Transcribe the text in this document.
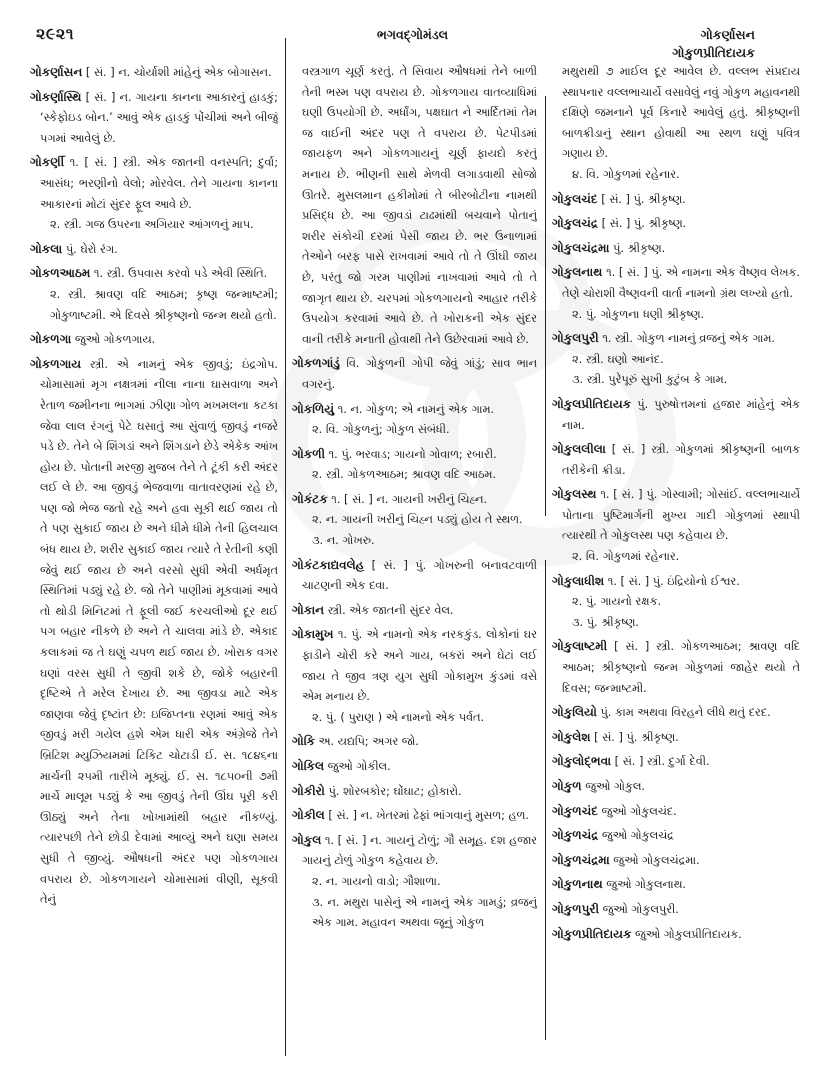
૨૯૨૧	ભગવદ્ગોમંડલ	ગોકર્ણાસન
ગોકુળપ્રીતિદાયક

ગોકર્ણાસન [ સં. ] ન. ચોર્યાશી માંહેનું એક બોગાસન.

ગોકર્ણાસ્થિ [ સં. ] ન. ગાયના કાનના આકારનું હાડકું; ‘સ્કેફોઇડ બોન.’ આવું એક હાડકું પોંચીમાં અને બીજું પગમાં આવેલું છે.

ગોકર્ણી ૧. [ સં. ] સ્ત્રી. એક જાતની વનસ્પતિ; દુર્વા; આસંધ; ભરણીનો વેલો; મોરવેલ. તેને ગાયના કાનના આકારનાં મોટાં સુંદર ફૂલ આવે છે.
૨. સ્ત્રી. ગજ ઉપરના અગિયાર આંગળનું માપ.

ગોકલા પું. ઘેરો રંગ.

ગોકળઆઠમ ૧. સ્ત્રી. ઉપવાસ કરવો પડે એવી સ્થિતિ.
૨. સ્ત્રી. શ્રાવણ વદિ આઠમ; કૃષ્ણ જન્માષ્ટમી; ગોકુળાષ્ટમી. એ દિવસે શ્રીકૃષ્ણનો જન્મ થયો હતો.

ગોકળગા જુઓ ગોકળગાય.

ગોકળગાય સ્ત્રી. એ નામનું એક જીવડું; ઇંદ્રગોપ. ચોમાસામાં મૃગ નક્ષત્રમાં નીલા નાના ઘાસવાળા અને રેતાળ જમીનના ભાગમાં ઝીણા ગોળ મખમલના કટકા જેવા લાલ રંગનું પેટે ઘસાતું આ સુંવાળું જીવડું નજરે પડે છે. તેને બે શિંગડાં અને શિંગડાને છેડે એકેક આંખ હોય છે. પોતાની મરજી મુજબ તેને તે ટૂંકી કરી અંદર લઈ લે છે. આ જીવડું ભેજવાળા વાતાવરણમાં રહે છે, પણ જો ભેજ જતો રહે અને હવા સૂકી થઈ જાય તો તે પણ સુકાઈ જાય છે અને ધીમે ધીમે તેની હિલચાલ બંધ થાય છે. શરીર સુકાઈ જાય ત્યારે તે રેતીની કણી જેવું થઈ જાય છે અને વરસો સુધી એવી અર્ધમૃત સ્થિતિમાં પડ્યું રહે છે. જો તેને પાણીમાં મૂકવામાં આવે તો થોડી મિનિટમાં તે ફૂલી જઈ કરચલીઓ દૂર થઈ પગ બહાર નીકળે છે અને તે ચાલવા માંડે છે. એકાદ કલાકમાં જ તે ઘણું ચપળ થઈ જાય છે. ખોરાક વગર ઘણાં વરસ સુધી તે જીવી શકે છે, જોકે બહારની દૃષ્ટિએ તે મરેલ દેખાય છે. આ જીવડા માટે એક જાણવા જેવું દૃષ્ટાંત છે: ઇજિપ્તના રણમાં આવું એક જીવડું મરી ગયેલ હશે એમ ધારી એક અંગ્રેજે તેને બ્રિટિશ મ્યુઝિયમમાં ટિકિટ ચોટાડી ઈ. સ. ૧૮૪૬ના માર્ચની ૨૫મી તારીખે મૂક્યું. ઈ. સ. ૧૮૫૦ની ૭મી માર્ચે માલૂમ પડ્યું કે આ જીવડું તેની ઊંઘ પૂરી કરી ઊઠ્યું અને તેના ખોખામાંથી બહાર નીકળ્યું. ત્યારપછી તેને છોડી દેવામાં આવ્યું અને ઘણા સમય સુધી તે જીવ્યું. ઔષધની અંદર પણ ગોકળગાય વપરાય છે. ગોકળગાયને ચોમાસામાં વીણી, સૂકવી તેનું

વસ્ત્રગાળ ચૂર્ણ કરતું. તે સિવાય ઔષધમાં તેને બાળી તેની ભસ્મ પણ વપરાય છે. ગોકળગાય વાતવ્યાધિમાં ઘણી ઉપયોગી છે. અર્ધાંગ, પક્ષઘાત ને આર્દિતમાં તેમ જ વાઈની અંદર પણ તે વપરાય છે. પેટપીડમાં જાયફળ અને ગોકળગાયનું ચૂર્ણ ફાયદો કરતું મનાય છે. ભીણની સાથે મેળવી લગાડવાથી સોજો ઊતરે. મુસલમાન હકીમોમાં તે બીરબોટીના નામથી પ્રસિદ્ધ છે. આ જીવડાં ટાઢમાંથી બચવાને પોતાનું શરીર સંકોચી દરમાં પેસી જાય છે. ભર ઉનાળામાં તેઓને બરફ પાસે રાખવામાં આવે તો તે ઊંઘી જાય છે, પરંતુ જો ગરમ પાણીમાં નાખવામાં આવે તો તે જાગૃત થાય છે. ચરપમાં ગોકળગાયનો આહાર તરીકે ઉપયોગ કરવામાં આવે છે. તે ખોરાકની એક સુંદર વાની તરીકે મનાતી હોવાથી તેને ઉછેરવામાં આવે છે.

ગોકળગાંડું વિ. ગોકુળની ગોપી જેવું ગાંડું; સાવ ભાન વગરનું.

ગોકળિયું ૧. ન. ગોકુળ; એ નામનું એક ગામ.
૨. વિ. ગોકુળનું; ગોકુળ સંબંધી.

ગોકળી ૧. પું. ભરવાડ; ગાયનો ગોવાળ; રબારી.
૨. સ્ત્રી. ગોકળઆઠમ; શ્રાવણ વદિ આઠમ.

ગોકંટક ૧. [ સં. ] ન. ગાયની ખરીનું ચિહ્ન.
૨. ન. ગાયની ખરીનું ચિહ્ન પડ્યું હોય તે સ્થળ.
૩. ન. ગોખરુ.

ગોકંટકાદ્યવલેહ [ સં. ] પું. ગોખરુની બનાવટવાળી ચાટણની એક દવા.

ગોકાન સ્ત્રી. એક જાતની સુંદર વેલ.

ગોકામુખ ૧. પું. એ નામનો એક નરકકુંડ. લોકોનાં ઘર ફાડીને ચોરી કરે અને ગાય, બકરાં અને ઘેટાં લઈ જાય તે જીવ ત્રણ યુગ સુધી ગોકામુખ કુંડમાં વસે એમ મનાય છે.
૨. પું. ( પુરાણ ) એ નામનો એક પર્વત.

ગોકિ અ. યદ્યપિ; અગર જો.

ગોકિલ જુઓ ગોકીલ.

ગોકીરો પું. શોરબકોર; ઘોંઘાટ; હોકારો.

ગોકીલ [ સં. ] ન. ખેતરમાં ઢેફાં ભાંગવાનું મુસળ; હળ.

ગોકુલ ૧. [ સં. ] ન. ગાયનું ટોળું; ગૌ સમૂહ. દશ હજાર ગાયનું ટોળું ગોકુળ કહેવાય છે.
૨. ન. ગાયનો વાડો; ગૌશાળા.
૩. ન. મથુરા પાસેનું એ નામનું એક ગામડું; વ્રજનું એક ગામ. મહાવન અથવા જૂનું ગોકુળ

મથુરાથી ૭ માઈલ દૂર આવેલ છે. વલ્લભ સંપ્રદાય સ્થાપનાર વલ્લભાચાર્યે વસાવેલું નવું ગોકુળ મહાવનથી દક્ષિણે જમનાને પૂર્વ કિનારે આવેલું હતું. શ્રીકૃષ્ણની બાળક્રીડાનું સ્થાન હોવાથી આ સ્થળ ઘણું પવિત્ર ગણાય છે.
૪. વિ. ગોકુળમાં રહેનાર.

ગોકુલચંદ [ સં. ] પું. શ્રીકૃષ્ણ.

ગોકુલચંદ્ર [ સં. ] પું. શ્રીકૃષ્ણ.

ગોકુલચંદ્રમા પું. શ્રીકૃષ્ણ.

ગોકુલનાથ ૧. [ સં. ] પું. એ નામના એક વૈષ્ણવ લેખક. તેણે ચોરાશી વૈષ્ણવની વાર્તા નામનો ગ્રંથ લખ્યો હતો.
૨. પું. ગોકુળના ધણી શ્રીકૃષ્ણ.

ગોકુલપુરી ૧. સ્ત્રી. ગોકુળ નામનું વ્રજનું એક ગામ.
૨. સ્ત્રી. ઘણો આનંદ.
૩. સ્ત્રી. પુરેપૂરું સુખી કુટુંબ કે ગામ.

ગોકુલપ્રીતિદાયક પું. પુરુષોત્તમનાં હજાર માંહેનું એક નામ.

ગોકુલલીલા [ સં. ] સ્ત્રી. ગોકુળમાં શ્રીકૃષ્ણની બાળક તરીકેની ક્રીડા.

ગોકુલસ્થ ૧. [ સં. ] પું. ગોસ્વામી; ગોસાંઈ. વલ્લભાચાર્યે પોતાના પુષ્ટિમાર્ગની મુખ્ય ગાદી ગોકુળમાં સ્થાપી ત્યારથી તે ગોકુલસ્થ પણ કહેવાય છે.
૨. વિ. ગોકુળમાં રહેનાર.

ગોકુલાધીશ ૧. [ સં. ] પું. ઇંદ્રિયોનો ઈશ્વર.
૨. પું. ગાયનો રક્ષક.
૩. પું. શ્રીકૃષ્ણ.

ગોકુલાષ્ટમી [ સં. ] સ્ત્રી. ગોકળઆઠમ; શ્રાવણ વદિ આઠમ; શ્રીકૃષ્ણનો જન્મ ગોકુળમાં જાહેર થયો તે દિવસ; જન્માષ્ટમી.

ગોકુલિયો પું. કામ અથવા વિરહને લીધે થતું દરદ.

ગોકુલેશ [ સં. ] પું. શ્રીકૃષ્ણ.

ગોકુલોદ્ભવા [ સં. ] સ્ત્રી. દુર્ગા દેવી.

ગોકુળ જુઓ ગોકુલ.

ગોકુળચંદ જુઓ ગોકુલચંદ.

ગોકુળચંદ્ર જુઓ ગોકુલચંદ્ર

ગોકુળચંદ્રમા જુઓ ગોકુલચંદ્રમા.

ગોકુળનાથ જુઓ ગોકુલનાથ.

ગોકુળપુરી જુઓ ગોકુલપુરી.

ગોકુળપ્રીતિદાયક જુઓ ગોકુલપ્રીતિદાયક.
